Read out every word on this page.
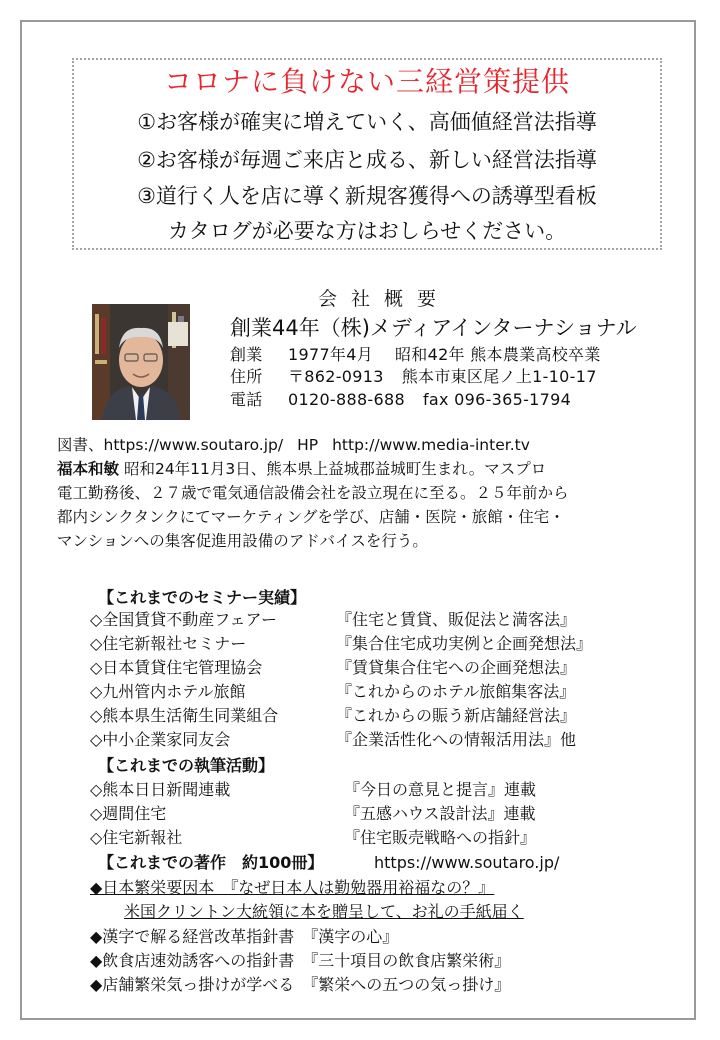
コロナに負けない三経営策提供
①お客様が確実に増えていく、高価値経営法指導
②お客様が毎週ご来店と成る、新しい経営法指導
③道行く人を店に導く新規客獲得への誘導型看板
カタログが必要な方はおしらせください。
会社概要
創業44年（株)メディアインターナショナル
創業 1977年4月 昭和42年 熊本農業高校卒業
住所 〒862-0913 熊本市東区尾ノ上1-10-17
電話 0120-888-688 fax 096-365-1794
図書、https://www.soutaro.jp/ HP http://www.media-inter.tv
福本和敏 昭和24年11月3日、熊本県上益城郡益城町生まれ。マスプロ
電工勤務後、２７歳で電気通信設備会社を設立現在に至る。２５年前から
都内シンクタンクにてマーケティングを学び、店舗・医院・旅館・住宅・
マンションへの集客促進用設備のアドバイスを行う。
【これまでのセミナー実績】
◇全国賃貸不動産フェアー	『住宅と賃貸、販促法と満客法』
◇住宅新報社セミナー	『集合住宅成功実例と企画発想法』
◇日本賃貸住宅管理協会	『賃貸集合住宅への企画発想法』
◇九州管内ホテル旅館	『これからのホテル旅館集客法』
◇熊本県生活衛生同業組合	『これからの賑う新店舗経営法』
◇中小企業家同友会	『企業活性化への情報活用法』他
【これまでの執筆活動】
◇熊本日日新聞連載	『今日の意見と提言』連載
◇週間住宅	『五感ハウス設計法』連載
◇住宅新報社	『住宅販売戦略への指針』
【これまでの著作　約100冊】	https://www.soutaro.jp/
◆日本繁栄要因本　『なぜ日本人は勤勉器用裕福なの？』
米国クリントン大統領に本を贈呈して、お礼の手紙届く
◆漢字で解る経営改革指針書　『漢字の心』
◆飲食店速効誘客への指針書　『三十項目の飲食店繁栄術』
◆店舗繁栄気っ掛けが学べる　『繁栄への五つの気っ掛け』
